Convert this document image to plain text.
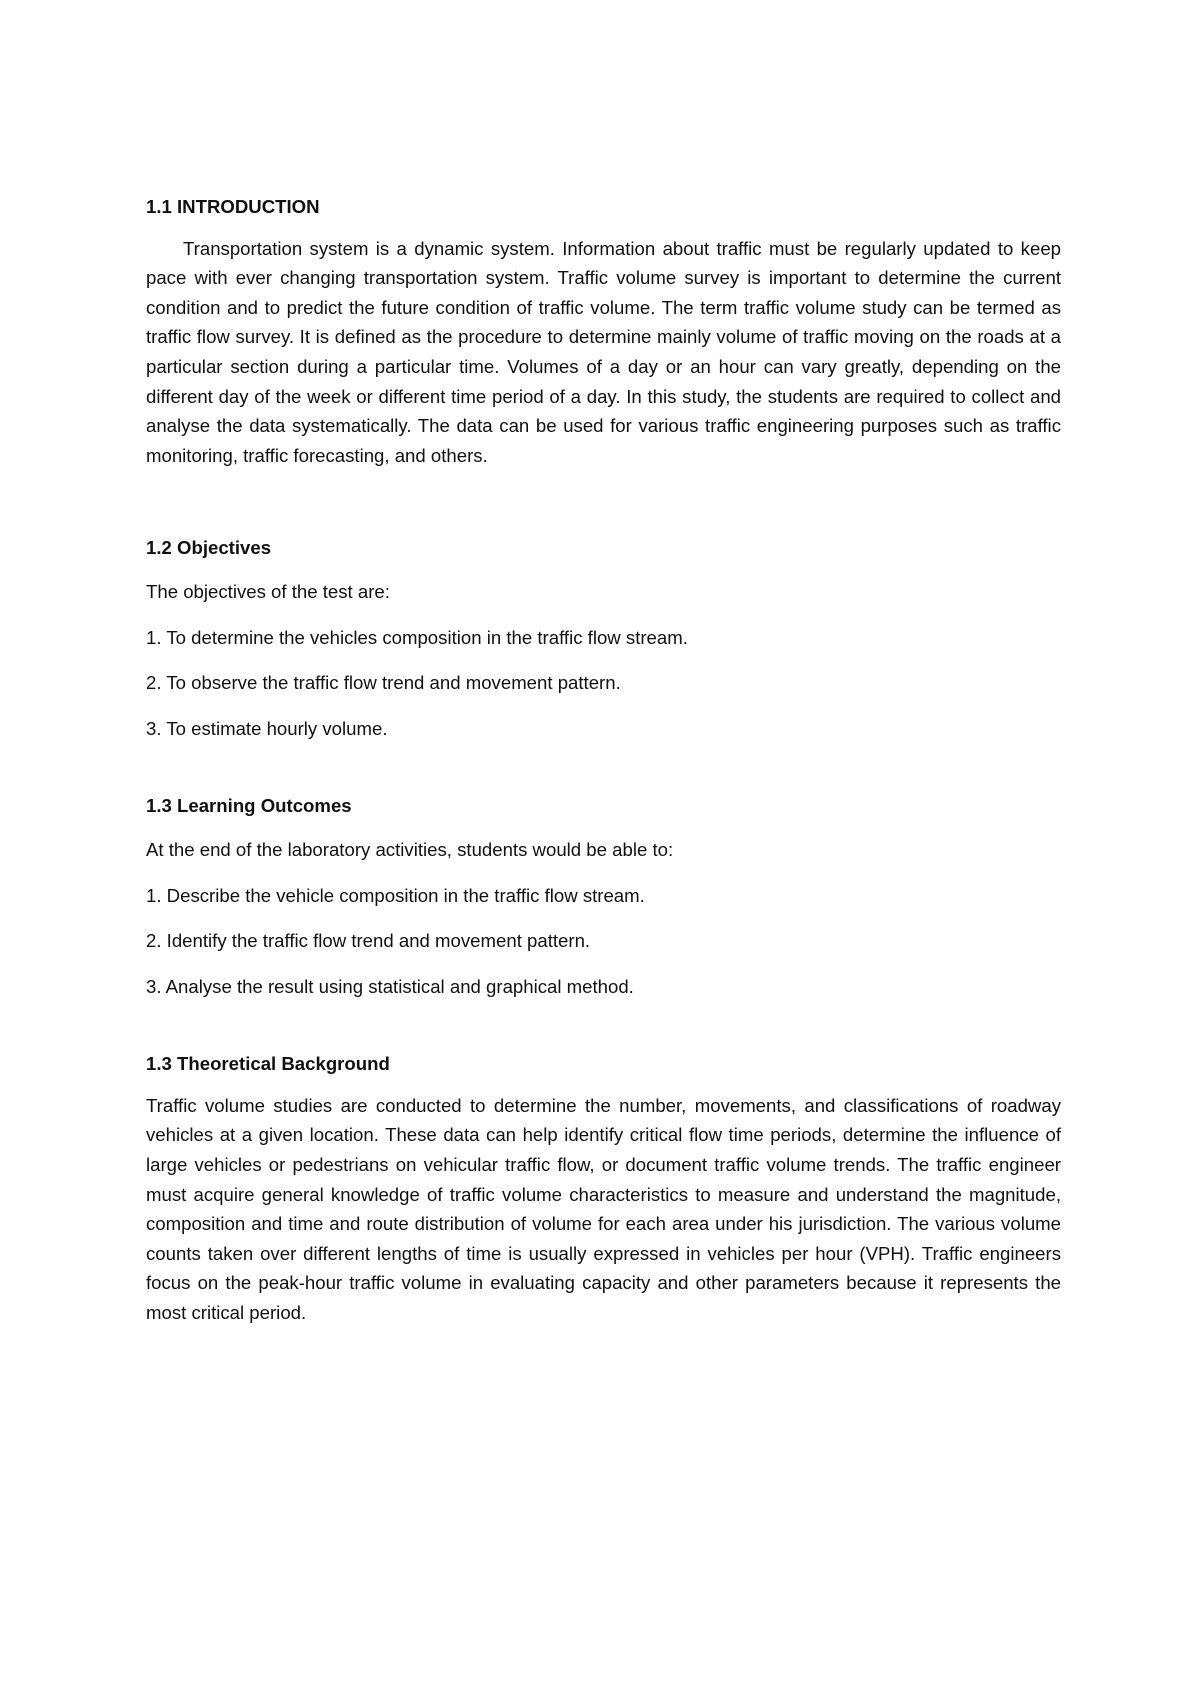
1.1 INTRODUCTION

Transportation system is a dynamic system. Information about traffic must be regularly updated to keep pace with ever changing transportation system. Traffic volume survey is important to determine the current condition and to predict the future condition of traffic volume. The term traffic volume study can be termed as traffic flow survey. It is defined as the procedure to determine mainly volume of traffic moving on the roads at a particular section during a particular time. Volumes of a day or an hour can vary greatly, depending on the different day of the week or different time period of a day. In this study, the students are required to collect and analyse the data systematically. The data can be used for various traffic engineering purposes such as traffic monitoring, traffic forecasting, and others.

1.2 Objectives

The objectives of the test are:

1. To determine the vehicles composition in the traffic flow stream.

2. To observe the traffic flow trend and movement pattern.

3. To estimate hourly volume.

1.3 Learning Outcomes

At the end of the laboratory activities, students would be able to:

1. Describe the vehicle composition in the traffic flow stream.

2. Identify the traffic flow trend and movement pattern.

3. Analyse the result using statistical and graphical method.

1.3 Theoretical Background

Traffic volume studies are conducted to determine the number, movements, and classifications of roadway vehicles at a given location. These data can help identify critical flow time periods, determine the influence of large vehicles or pedestrians on vehicular traffic flow, or document traffic volume trends. The traffic engineer must acquire general knowledge of traffic volume characteristics to measure and understand the magnitude, composition and time and route distribution of volume for each area under his jurisdiction. The various volume counts taken over different lengths of time is usually expressed in vehicles per hour (VPH). Traffic engineers focus on the peak-hour traffic volume in evaluating capacity and other parameters because it represents the most critical period.
